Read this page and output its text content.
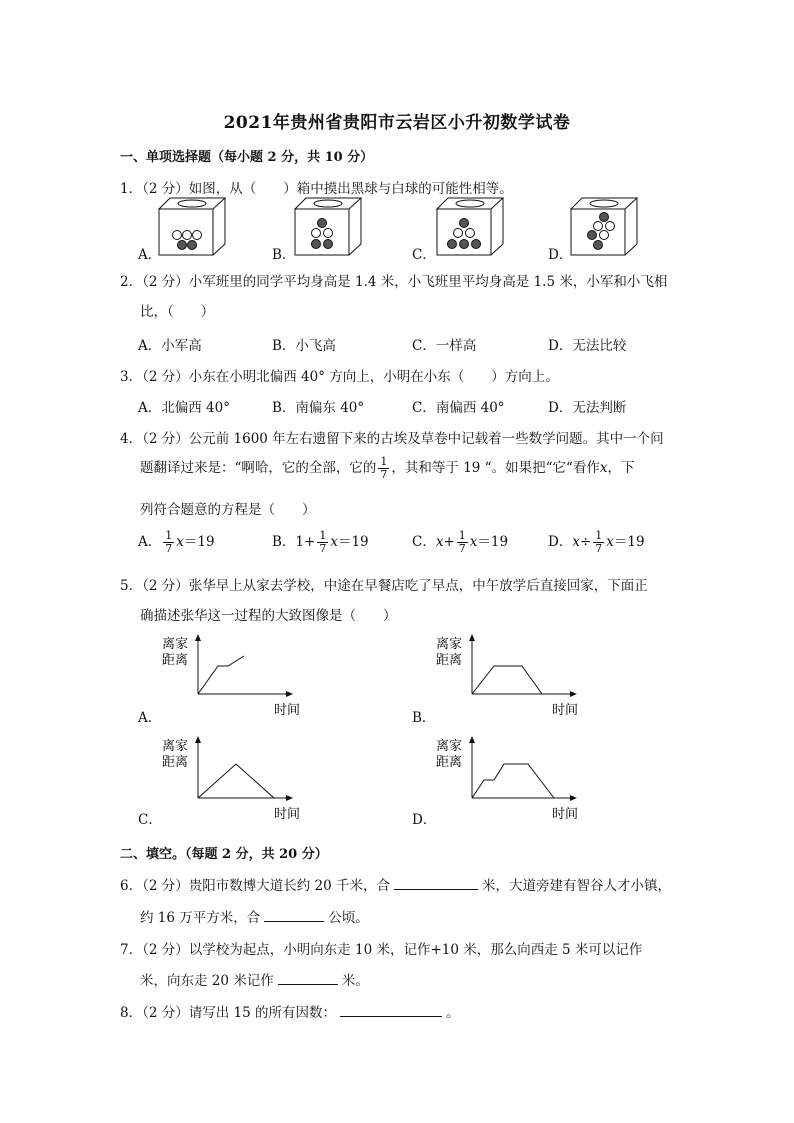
2021年贵州省贵阳市云岩区小升初数学试卷
一、单项选择题（每小题 2 分，共 10 分）
1．（2 分）如图，从（　　）箱中摸出黑球与白球的可能性相等。
A．	B．	C．	D．
2．（2 分）小军班里的同学平均身高是 1.4 米，小飞班里平均身高是 1.5 米，小军和小飞相
比，（　　）
A．小军高	B．小飞高	C．一样高	D．无法比较
3．（2 分）小东在小明北偏西 40° 方向上，小明在小东（　　）方向上。
A．北偏西 40°	B．南偏东 40°	C．南偏西 40°	D．无法判断
4．（2 分）公元前 1600 年左右遗留下来的古埃及草卷中记载着一些数学问题。其中一个问
题翻译过来是：“啊哈，它的全部，它的 $\frac{1}{7}$ ，其和等于 19 “。如果把“它“看作x，下
列符合题意的方程是（　　）
A． $\frac{1}{7} x=19$	B．$1+ \frac{1}{7} x=19$	C．$x+ \frac{1}{7} x=19$	D．$x\div \frac{1}{7} x=19$
5．（2 分）张华早上从家去学校，中途在早餐店吃了早点，中午放学后直接回家，下面正
确描述张华这一过程的大致图像是（　　）
A．
离家
距离
时间	B．
离家
距离
时间
C．
离家
距离
时间	D．
离家
距离
时间
二、填空。（每题 2 分，共 20 分）
6．（2 分）贵阳市数博大道长约 20 千米，合	米，大道旁建有智谷人才小镇，
约 16 万平方米，合	公顷。
7．（2 分）以学校为起点，小明向东走 10 米，记作+10 米，那么向西走 5 米可以记作
米，向东走 20 米记作	米。
8．（2 分）请写出 15 的所有因数：	。
